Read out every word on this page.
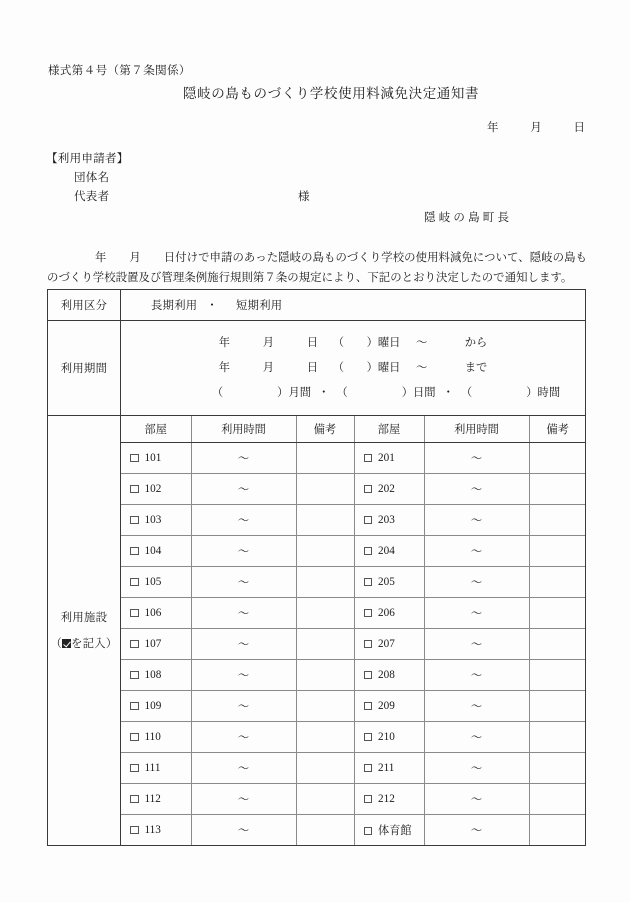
様式第４号（第７条関係）
隠岐の島ものづくり学校使用料減免決定通知書
年	月	日
【利用申請者】
団体名
代表者	様
隠岐の島町長
年　　月　　日付けで申請のあった隠岐の島ものづくり学校の使用料減免について、隠岐の島ものづくり学校設置及び管理条例施行規則第７条の規定により、下記のとおり決定したので通知します。
利用区分	長期利用 ・ 短期利用
利用期間	
年	月	日 （　　）曜日 ～	から
年	月	日 （　　）曜日 ～	まで
（	）月間 ・ （	）日間 ・ （	）時間

利用施設
（ を記入）

部屋	利用時間	備考	部屋	利用時間	備考
101	～		201	～	
102	～		202	～	
103	～		203	～	
104	～		204	～	
105	～		205	～	
106	～		206	～	
107	～		207	～	
108	～		208	～	
109	～		209	～	
110	～		210	～	
111	～		211	～	
112	～		212	～	
113	～		体育館	～	
